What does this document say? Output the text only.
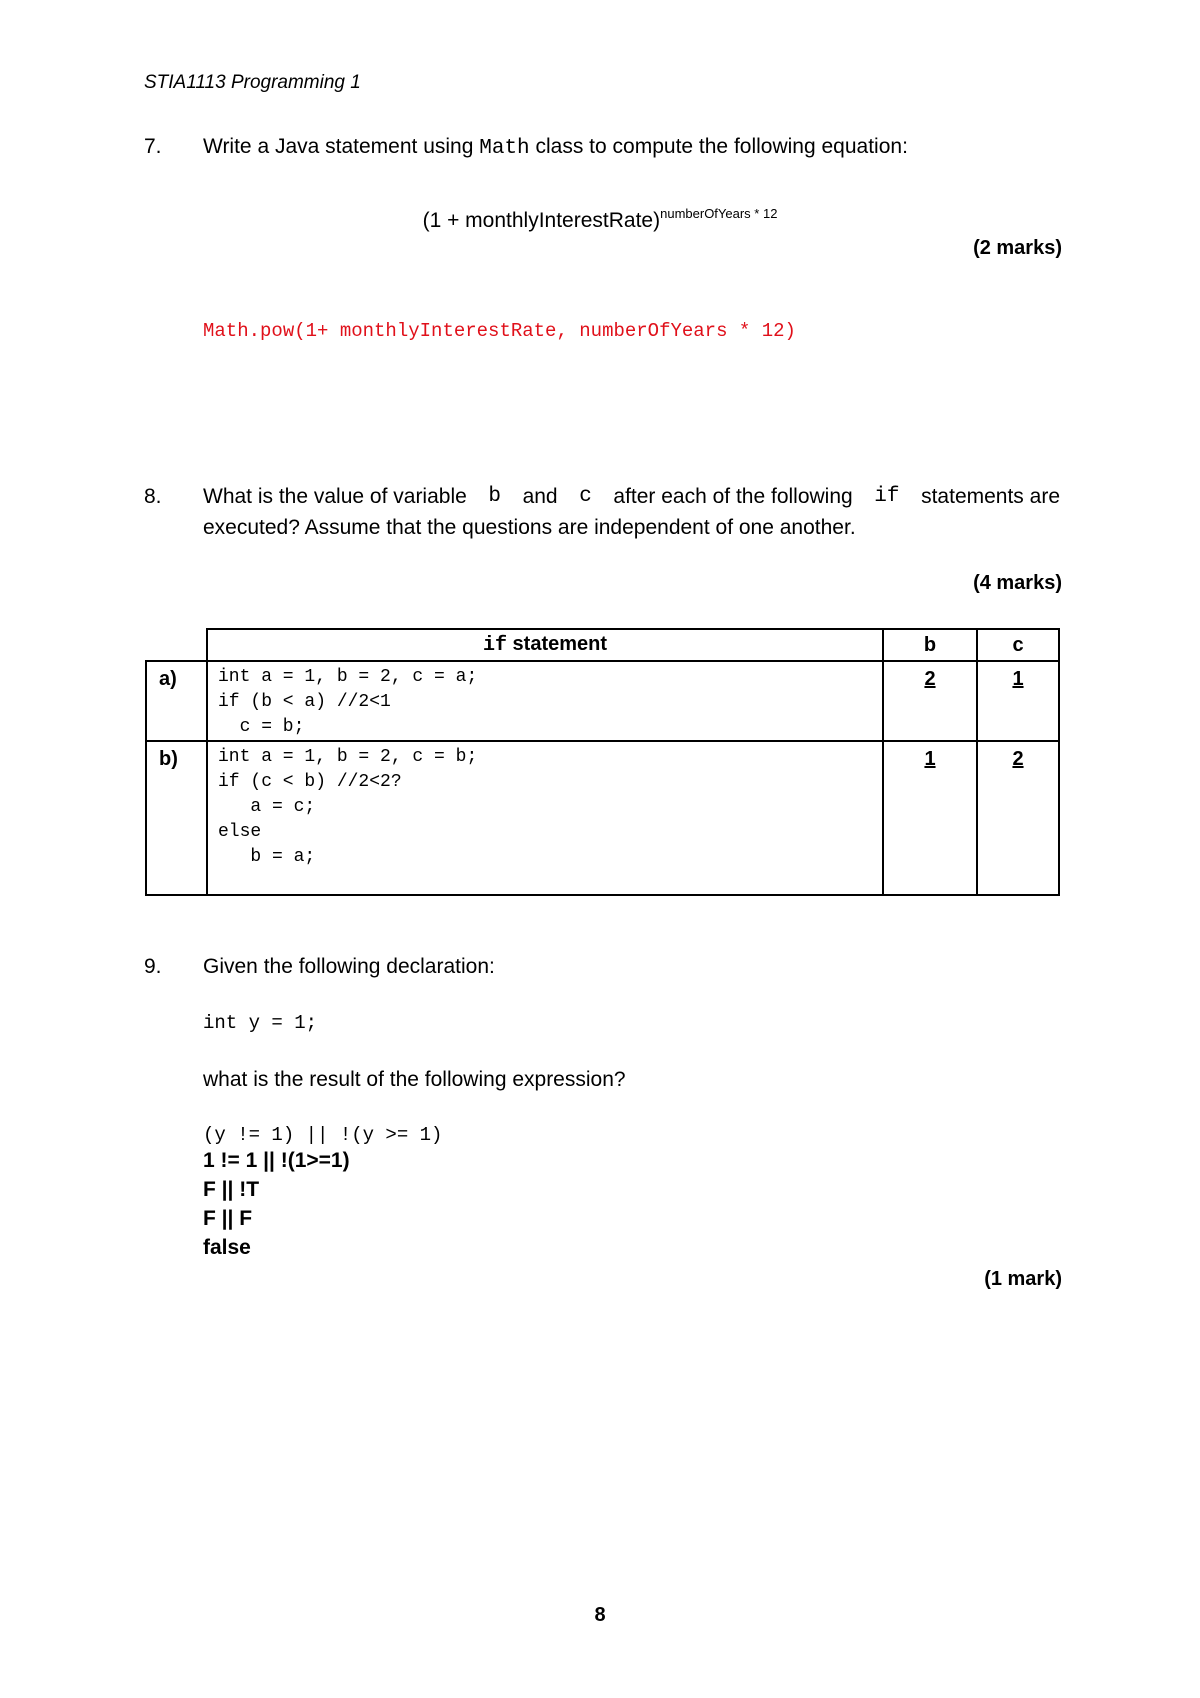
STIA1113 Programming 1
7. Write a Java statement using Math class to compute the following equation:
(1 + monthlyInterestRate)$^{numberOfYears * 12}$
(2 marks)
Math.pow(1+ monthlyInterestRate, numberOfYears * 12)
8. What is the value of variable b and c after each of the following if statements are
executed? Assume that the questions are independent of one another.
(4 marks)
	if statement	b	c
a)	int a = 1, b = 2, c = a;
if (b < a) //2<1
c = b;	2	1
b)	int a = 1, b = 2, c = b;
if (c < b) //2<2?
a = c;
else
b = a;	1	2
9. Given the following declaration:
int y = 1;
what is the result of the following expression?
(y != 1) || !(y >= 1)
1 != 1 || !(1>=1)
F || !T
F || F
false
(1 mark)
8
